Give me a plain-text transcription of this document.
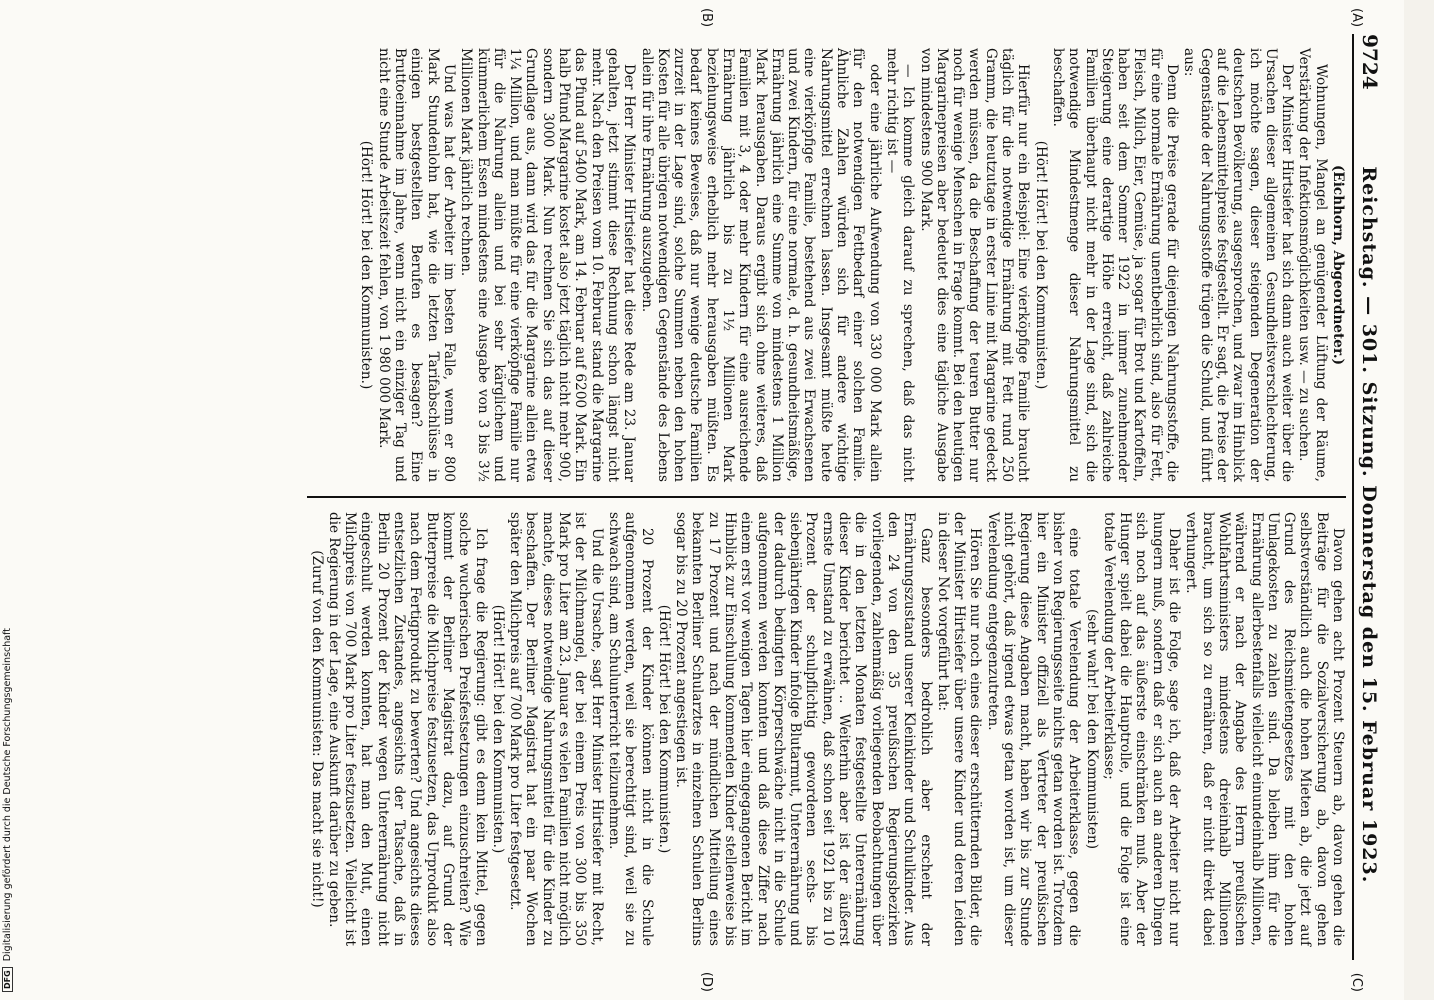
9724
Reichstag. — 301. Sitzung. Donnerstag den 15. Februar 1923.
(A)
(B)
(C)
(D)

(Eichhorn, Abgeordneter.)

Wohnungen, Mangel an genügender Lüftung der Räume, Verstärkung der Infektionsmöglichkeiten usw. — zu suchen.

Der Minister Hirtsiefer hat sich dann auch weiter über die Ursachen dieser allgemeinen Gesundheitsverschlechterung, ich möchte sagen, dieser steigenden Degeneration der deutschen Bevölkerung, ausgesprochen, und zwar im Hinblick auf die Lebensmittelpreise festgestellt. Er sagt, die Preise der Gegenstände der Nahrungsstoffe trügen die Schuld, und führt aus:

Denn die Preise gerade für diejenigen Nahrungsstoffe, die für eine normale Ernährung unentbehrlich sind, also für Fett, Fleisch, Milch, Eier, Gemüse, ja sogar für Brot und Kartoffeln, haben seit dem Sommer 1922 in immer zunehmender Steigerung eine derartige Höhe erreicht, daß zahlreiche Familien überhaupt nicht mehr in der Lage sind, sich die notwendige Mindestmenge dieser Nahrungsmittel zu beschaffen.

(Hört! Hört! bei den Kommunisten.)

Hierfür nur ein Beispiel: Eine vierköpfige Familie braucht täglich für die notwendige Ernährung mit Fett rund 250 Gramm, die heutzutage in erster Linie mit Margarine gedeckt werden müssen, da die Beschaffung der teuren Butter nur noch für wenige Menschen in Frage kommt. Bei den heutigen Margarinepreisen aber bedeutet dies eine tägliche Ausgabe von mindestens 900 Mark.

— Ich komme gleich darauf zu sprechen, daß das nicht mehr richtig ist —

oder eine jährliche Aufwendung von 330 000 Mark allein für den notwendigen Fettbedarf einer solchen Familie. Ähnliche Zahlen würden sich für andere wichtige Nahrungsmittel errechnen lassen. Insgesamt müßte heute eine vierköpfige Familie, bestehend aus zwei Erwachsenen und zwei Kindern, für eine normale, d. h. gesundheitsmäßige, Ernährung jährlich eine Summe von mindestens 1 Million Mark herausgaben. Daraus ergibt sich ohne weiteres, daß Familien mit 3, 4 oder mehr Kindern für eine ausreichende Ernährung jährlich bis zu 1½ Millionen Mark beziehungsweise erheblich mehr herausgaben müßten. Es bedarf keines Beweises, daß nur wenige deutsche Familien zurzeit in der Lage sind, solche Summen neben den hohen Kosten für alle übrigen notwendigen Gegenstände des Lebens allein für ihre Ernährung auszugeben.

Der Herr Minister Hirtsiefer hat diese Rede am 23. Januar gehalten, jetzt stimmt diese Rechnung schon längst nicht mehr. Nach den Preisen vom 10. Februar stand die Margarine das Pfund auf 5400 Mark, am 14. Februar auf 6200 Mark. Ein halb Pfund Margarine kostet also jetzt täglich nicht mehr 900, sondern 3000 Mark. Nun rechnen Sie sich das auf dieser Grundlage aus, dann wird das für die Margarine allein etwa 1¼ Million, und man müßte für eine vierköpfige Familie nur für die Nahrung allein und bei sehr kärglichem und kümmerlichem Essen mindestens eine Ausgabe von 3 bis 3½ Millionen Mark jährlich rechnen.

Und was hat der Arbeiter im besten Falle, wenn er 800 Mark Stundenlohn hat, wie die letzten Tarifabschlüsse in einigen bestgestellten Berufen es besagen? Eine Bruttoeinnahme im Jahre, wenn nicht ein einziger Tag und nicht eine Stunde Arbeitszeit fehlen, von 1 980 000 Mark.

(Hört! Hört! bei den Kommunisten.)

Davon gehen acht Prozent Steuern ab, davon gehen die Beiträge für die Sozialversicherung ab, davon gehen selbstverständlich auch die hohen Mieten ab, die jetzt auf Grund des Reichsmietengesetzes mit den hohen Umlagekosten zu zahlen sind. Da bleiben ihm für die Ernährung allerbestenfalls vielleicht einundeinhalb Millionen, während er nach der Angabe des Herrn preußischen Wohlfahrtsministers mindestens dreieinhalb Millionen braucht, um sich so zu ernähren, daß er nicht direkt dabei verhungert.

Daher ist die Folge, sage ich, daß der Arbeiter nicht nur hungern muß, sondern daß er sich auch an anderen Dingen sich noch auf das äußerste einschränken muß. Aber der Hunger spielt dabei die Hauptrolle, und die Folge ist eine totale Verelendung der Arbeiterklasse;

(sehr wahr! bei den Kommunisten)

eine totale Verelendung der Arbeiterklasse, gegen die bisher von Regierungsseite nichts getan worden ist. Trotzdem hier ein Minister offiziell als Vertreter der preußischen Regierung diese Angaben macht, haben wir bis zur Stunde nicht gehört, daß irgend etwas getan worden ist, um dieser Verelendung entgegenzutreten.

Hören Sie nur noch eines dieser erschütternden Bilder, die der Minister Hirtsiefer über unsere Kinder und deren Leiden in dieser Not vorgeführt hat:

Ganz besonders bedrohlich aber erscheint der Ernährungszustand unserer Kleinkinder und Schulkinder. Aus den 24 von den 35 preußischen Regierungsbezirken vorliegenden, zahlenmäßig vorliegenden Beobachtungen über die in den letzten Monaten festgestellte Unterernährung dieser Kinder berichtet .. Weiterhin aber ist der äußerst ernste Umstand zu erwähnen, daß schon seit 1921 bis zu 10 Prozent der schulpflichtig gewordenen sechs- bis siebenjährigen Kinder infolge Blutarmut, Unterernährung und der dadurch bedingten Körperschwäche nicht in die Schule aufgenommen werden konnten und daß diese Ziffer nach einem erst vor wenigen Tagen hier eingegangenen Bericht im Hinblick zur Einschulung kommenden Kinder stellenweise bis zu 17 Prozent und nach der mündlichen Mitteilung eines bekannten Berliner Schularztes in einzelnen Schulen Berlins sogar bis zu 20 Prozent angestiegen ist.

(Hört! Hört! bei den Kommunisten.)

20 Prozent der Kinder können nicht in die Schule aufgenommen werden, weil sie berechtigt sind, weil sie zu schwach sind, am Schulunterricht teilzunehmen.

Und die Ursache, sagt Herr Minister Hirtsiefer mit Recht, ist der Milchmangel, der bei einem Preis von 300 bis 350 Mark pro Liter am 23. Januar es vielen Familien nicht möglich machte, dieses notwendige Nahrungsmittel für die Kinder zu beschaffen. Der Berliner Magistrat hat ein paar Wochen später den Milchpreis auf 700 Mark pro Liter festgesetzt.

(Hört! Hört! bei den Kommunisten.)

Ich frage die Regierung: gibt es denn kein Mittel, gegen solche wucherischen Preisfestsetzungen einzuschreiten? Wie kommt der Berliner Magistrat dazu, auf Grund der Butterpreise die Milchpreise festzusetzen, das Urprodukt also nach dem Fertigprodukt zu bewerten? Und angesichts dieses entsetzlichen Zustandes, angesichts der Tatsache, daß in Berlin 20 Prozent der Kinder wegen Unterernährung nicht eingeschult werden konnten, hat man den Mut, einen Milchpreis von 700 Mark pro Liter festzusetzen. Vielleicht ist die Regierung in der Lage, eine Auskunft darüber zu geben.

(Zuruf von den Kommunisten: Das macht sie nicht!)

DFG Digitalisierung gefördert durch die Deutsche Forschungsgemeinschaft
